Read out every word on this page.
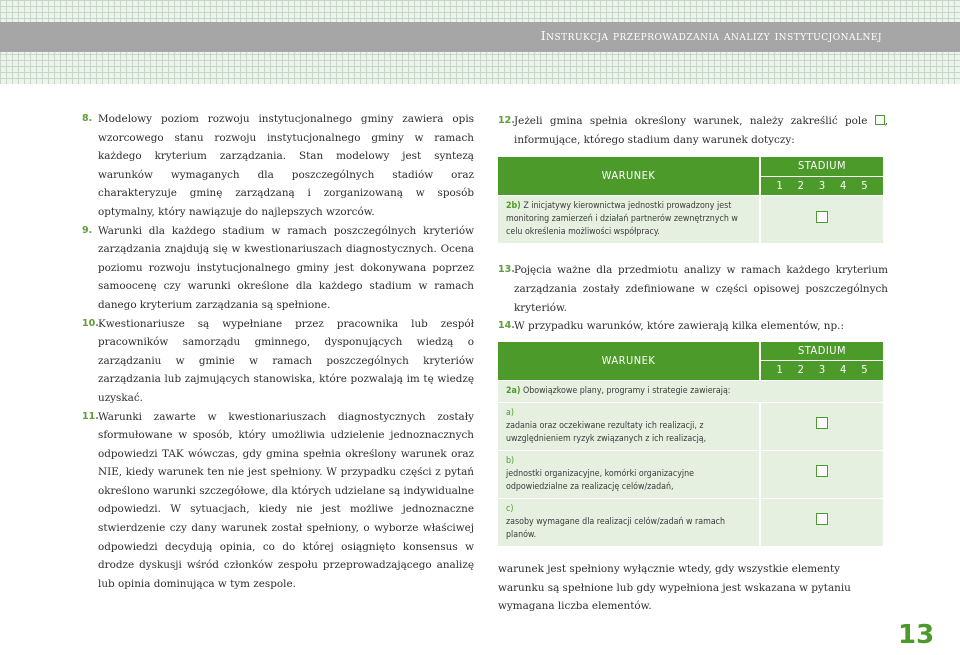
Instrukcja przeprowadzania analizy instytucjonalnej
8. Modelowy poziom rozwoju instytucjonalnego gminy zawiera opis wzorcowego stanu rozwoju instytucjonalnego gminy w ramach każdego kryterium zarządzania. Stan modelowy jest syntezą warunków wymaganych dla poszczególnych stadiów oraz charakteryzuje gminę zarządzaną i zorganizowaną w sposób optymalny, który nawiązuje do najlepszych wzorców.
9. Warunki dla każdego stadium w ramach poszczególnych kryteriów zarządzania znajdują się w kwestionariuszach diagnostycznych. Ocena poziomu rozwoju instytucjonalnego gminy jest dokonywana poprzez samoocenę czy warunki określone dla każdego stadium w ramach danego kryterium zarządzania są spełnione.
10. Kwestionariusze są wypełniane przez pracownika lub zespół pracowników samorządu gminnego, dysponujących wiedzą o zarządzaniu w gminie w ramach poszczególnych kryteriów zarządzania lub zajmujących stanowiska, które pozwalają im tę wiedzę uzyskać.
11. Warunki zawarte w kwestionariuszach diagnostycznych zostały sformułowane w sposób, który umożliwia udzielenie jednoznacznych odpowiedzi TAK wówczas, gdy gmina spełnia określony warunek oraz NIE, kiedy warunek ten nie jest spełniony. W przypadku części z pytań określono warunki szczegółowe, dla których udzielane są indywidualne odpowiedzi. W sytuacjach, kiedy nie jest możliwe jednoznaczne stwierdzenie czy dany warunek został spełniony, o wyborze właściwej odpowiedzi decydują opinia, co do której osiągnięto konsensus w drodze dyskusji wśród członków zespołu przeprowadzającego analizę lub opinia dominująca w tym zespole.
12. Jeżeli gmina spełnia określony warunek, należy zakreślić pole , informujące, którego stadium dany warunek dotyczy:
WARUNEK	STADIUM

	1 2 3 4 5

2b) Z inicjatywy kierownictwa jednostki prowadzony jest monitoring zamierzeń i działań partnerów zewnętrznych w celu określenia możliwości współpracy.	
13. Pojęcia ważne dla przedmiotu analizy w ramach każdego kryterium zarządzania zostały zdefiniowane w części opisowej poszczególnych kryteriów.
14. W przypadku warunków, które zawierają kilka elementów, np.:
WARUNEK	STADIUM

	1 2 3 4 5

2a) Obowiązkowe plany, programy i strategie zawierają:	
a)zadania oraz oczekiwane rezultaty ich realizacji, z uwzględnieniem ryzyk związanych z ich realizacją,	
b)jednostki organizacyjne, komórki organizacyjne odpowiedzialne za realizację celów/zadań,	
c)zasoby wymagane dla realizacji celów/zadań w ramach planów.	
warunek jest spełniony wyłącznie wtedy, gdy wszystkie elementy warunku są spełnione lub gdy wypełniona jest wskazana w pytaniu wymagana liczba elementów.
13
